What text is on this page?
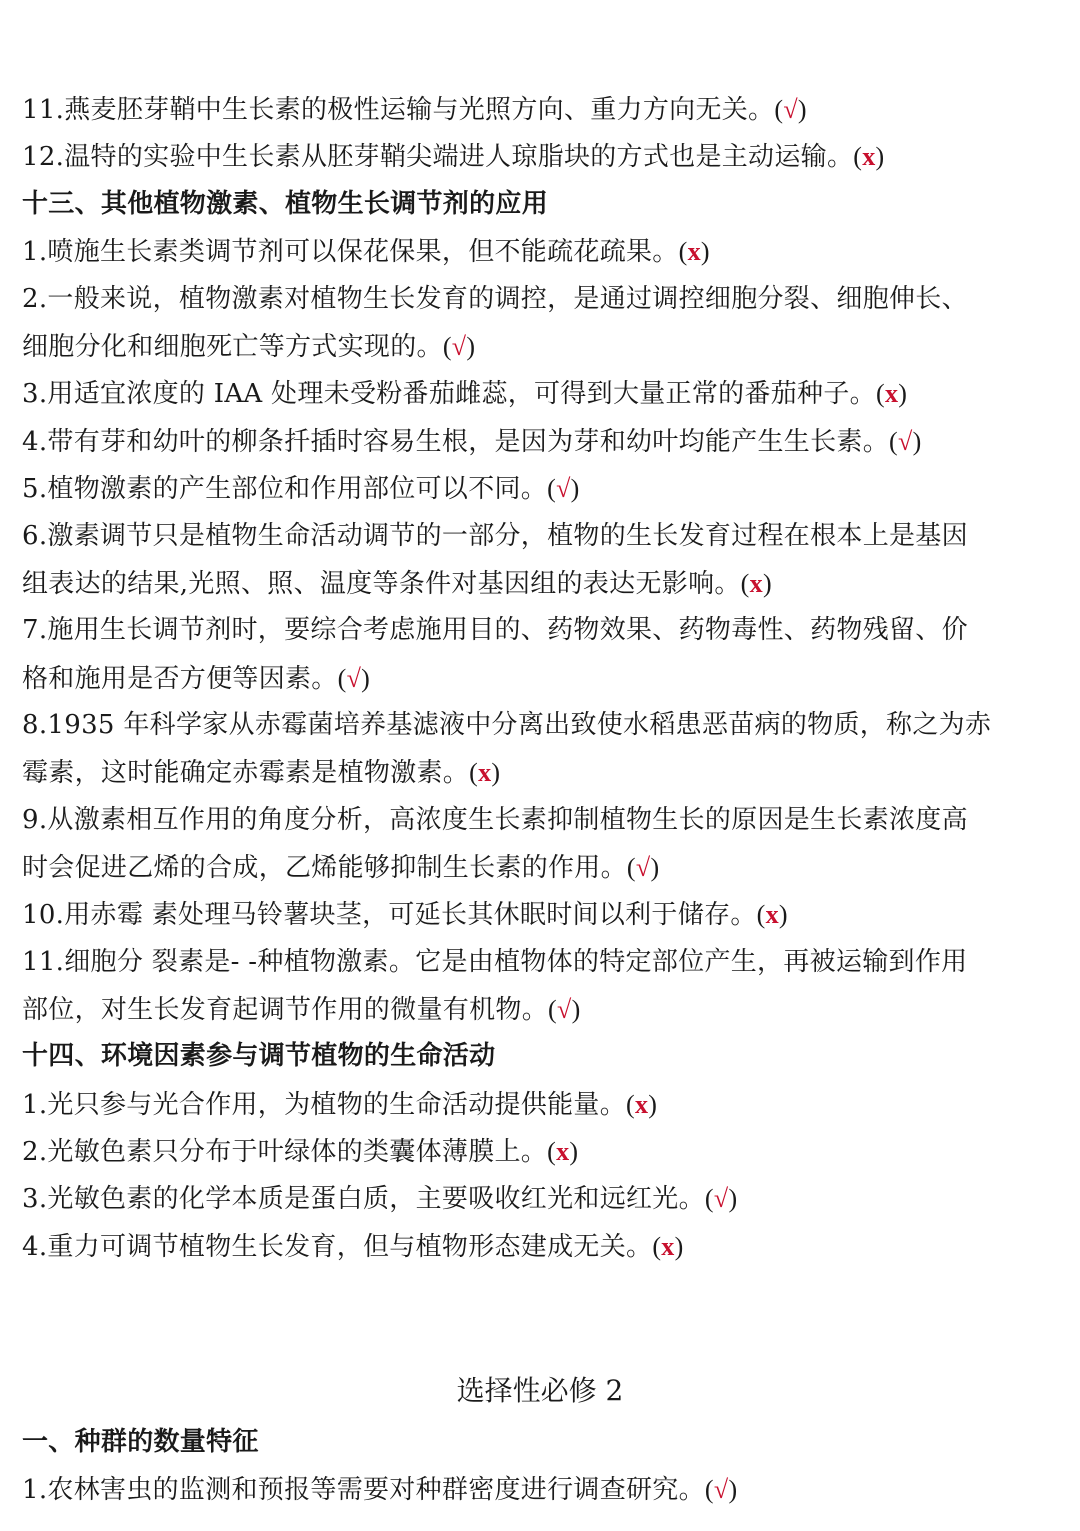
11.燕麦胚芽鞘中生长素的极性运输与光照方向、重力方向无关。(√)
12.温特的实验中生长素从胚芽鞘尖端进人琼脂块的方式也是主动运输。(x)
十三、其他植物激素、植物生长调节剂的应用
1.喷施生长素类调节剂可以保花保果，但不能疏花疏果。(x)
2.一般来说，植物激素对植物生长发育的调控，是通过调控细胞分裂、细胞伸长、
细胞分化和细胞死亡等方式实现的。(√)
3.用适宜浓度的 IAA 处理未受粉番茄雌蕊，可得到大量正常的番茄种子。(x)
4.带有芽和幼叶的柳条扦插时容易生根，是因为芽和幼叶均能产生生长素。(√)
5.植物激素的产生部位和作用部位可以不同。(√)
6.激素调节只是植物生命活动调节的一部分，植物的生长发育过程在根本上是基因
组表达的结果,光照、照、温度等条件对基因组的表达无影响。(x)
7.施用生长调节剂时，要综合考虑施用目的、药物效果、药物毒性、药物残留、价
格和施用是否方便等因素。(√)
8.1935 年科学家从赤霉菌培养基滤液中分离出致使水稻患恶苗病的物质，称之为赤
霉素，这时能确定赤霉素是植物激素。(x)
9.从激素相互作用的角度分析，高浓度生长素抑制植物生长的原因是生长素浓度高
时会促进乙烯的合成，乙烯能够抑制生长素的作用。(√)
10.用赤霉 素处理马铃薯块茎，可延长其休眠时间以利于储存。(x)
11.细胞分 裂素是- -种植物激素。它是由植物体的特定部位产生，再被运输到作用
部位，对生长发育起调节作用的微量有机物。(√)
十四、环境因素参与调节植物的生命活动
1.光只参与光合作用，为植物的生命活动提供能量。(x)
2.光敏色素只分布于叶绿体的类囊体薄膜上。(x)
3.光敏色素的化学本质是蛋白质，主要吸收红光和远红光。(√)
4.重力可调节植物生长发育，但与植物形态建成无关。(x)
选择性必修 2
一、种群的数量特征
1.农林害虫的监测和预报等需要对种群密度进行调查研究。(√)
